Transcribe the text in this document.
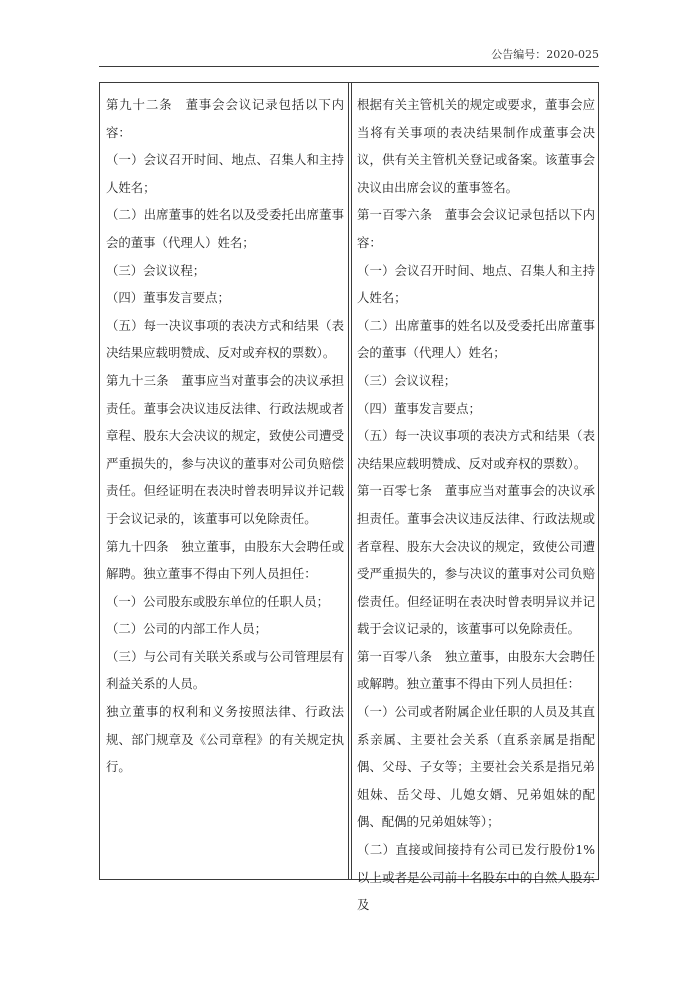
公告编号：2020-025

第九十二条　董事会会议记录包括以下内容：

（一）会议召开时间、地点、召集人和主持人姓名；

（二）出席董事的姓名以及受委托出席董事会的董事（代理人）姓名；

（三）会议议程；

（四）董事发言要点；

（五）每一决议事项的表决方式和结果（表决结果应载明赞成、反对或弃权的票数）。

第九十三条　董事应当对董事会的决议承担责任。董事会决议违反法律、行政法规或者章程、股东大会决议的规定，致使公司遭受严重损失的，参与决议的董事对公司负赔偿责任。但经证明在表决时曾表明异议并记载于会议记录的，该董事可以免除责任。

第九十四条　独立董事，由股东大会聘任或解聘。独立董事不得由下列人员担任：

（一）公司股东或股东单位的任职人员；

（二）公司的内部工作人员；

（三）与公司有关联关系或与公司管理层有利益关系的人员。

独立董事的权利和义务按照法律、行政法规、部门规章及《公司章程》的有关规定执行。

根据有关主管机关的规定或要求，董事会应当将有关事项的表决结果制作成董事会决议，供有关主管机关登记或备案。该董事会决议由出席会议的董事签名。

第一百零六条　董事会会议记录包括以下内容：

（一）会议召开时间、地点、召集人和主持人姓名；

（二）出席董事的姓名以及受委托出席董事会的董事（代理人）姓名；

（三）会议议程；

（四）董事发言要点；

（五）每一决议事项的表决方式和结果（表决结果应载明赞成、反对或弃权的票数）。

第一百零七条　董事应当对董事会的决议承担责任。董事会决议违反法律、行政法规或者章程、股东大会决议的规定，致使公司遭受严重损失的，参与决议的董事对公司负赔偿责任。但经证明在表决时曾表明异议并记载于会议记录的，该董事可以免除责任。

第一百零八条　独立董事，由股东大会聘任或解聘。独立董事不得由下列人员担任：

（一）公司或者附属企业任职的人员及其直系亲属、主要社会关系（直系亲属是指配偶、父母、子女等；主要社会关系是指兄弟姐妹、岳父母、儿媳女婿、兄弟姐妹的配偶、配偶的兄弟姐妹等）；

（二）直接或间接持有公司已发行股份1%以上或者是公司前十名股东中的自然人股东及
